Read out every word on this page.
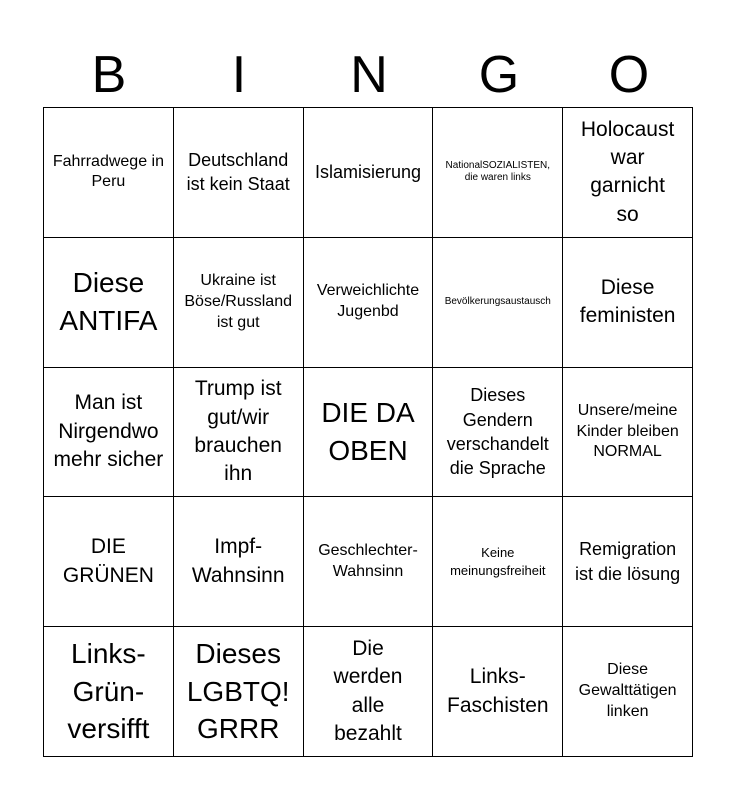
B	I	N	G	O
Fahrradwege in Peru
Deutschland ist kein Staat
Islamisierung	NationalSOZIALISTEN, die waren links
Holocaust war garnicht so
Diese ANTIFA
Ukraine ist Böse/Russland ist gut
Verweichlichte Jugenbd
Bevölkerungsaustausch
Diese feministen
Man ist Nirgendwo mehr sicher
Trump ist gut/wir brauchen ihn
DIE DA OBEN
Dieses Gendern verschandelt die Sprache
Unsere/meine Kinder bleiben NORMAL
DIE GRÜNEN
Impf-Wahnsinn
Geschlechter-Wahnsinn
Keine meinungsfreiheit
Remigration ist die lösung
Links-Grün-versifft
Dieses LGBTQ! GRRR
Die werden alle bezahlt
Links-Faschisten
Diese Gewalttätigen linken
